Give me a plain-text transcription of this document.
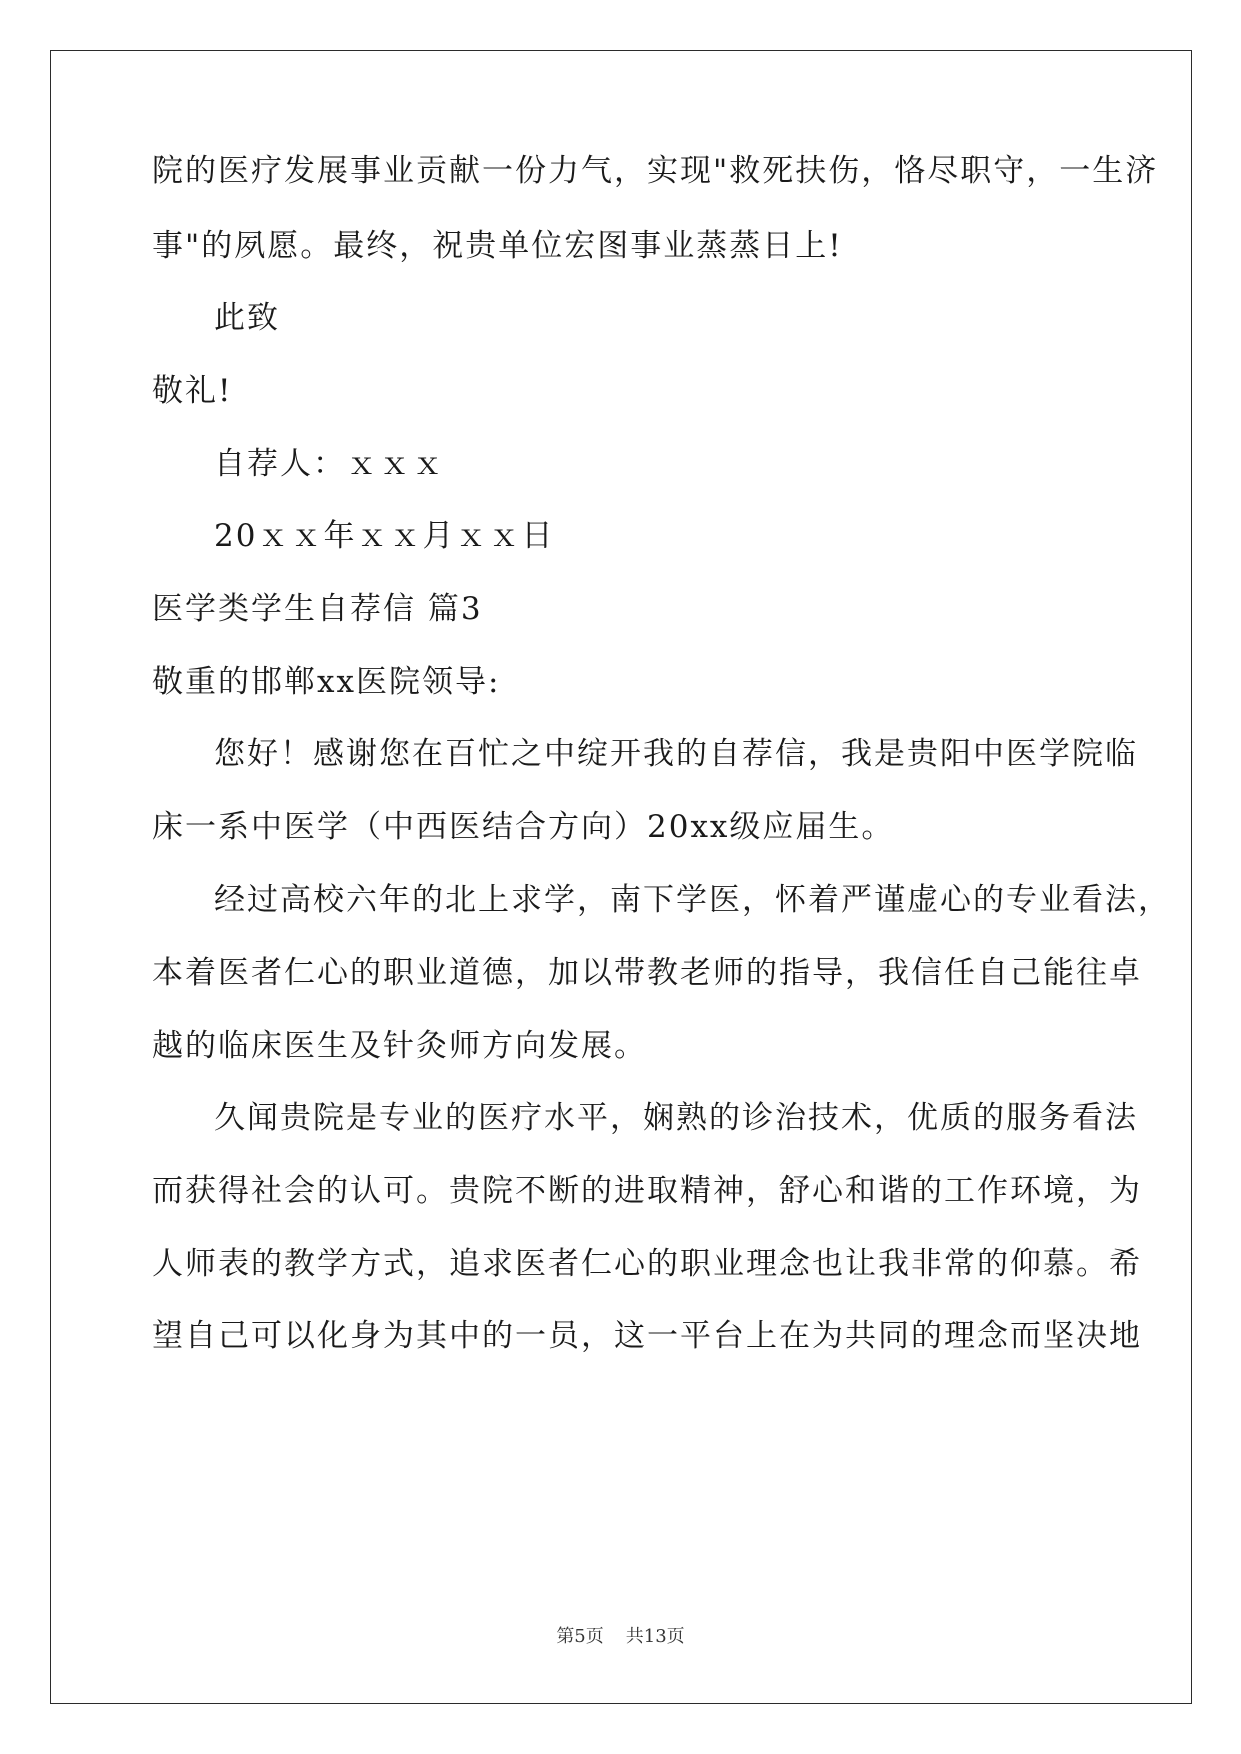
院的医疗发展事业贡献一份力气，实现"救死扶伤，恪尽职守，一生济
事"的夙愿。最终，祝贵单位宏图事业蒸蒸日上!
此致
敬礼!
自荐人：ｘｘｘ
20ｘｘ年ｘｘ月ｘｘ日
医学类学生自荐信 篇3
敬重的邯郸xx医院领导:
您好！感谢您在百忙之中绽开我的自荐信，我是贵阳中医学院临
床一系中医学（中西医结合方向）20xx级应届生。
经过高校六年的北上求学，南下学医，怀着严谨虚心的专业看法，
本着医者仁心的职业道德，加以带教老师的指导，我信任自己能往卓
越的临床医生及针灸师方向发展。
久闻贵院是专业的医疗水平，娴熟的诊治技术，优质的服务看法
而获得社会的认可。贵院不断的进取精神，舒心和谐的工作环境，为
人师表的教学方式，追求医者仁心的职业理念也让我非常的仰慕。希
望自己可以化身为其中的一员，这一平台上在为共同的理念而坚决地
第5页 共13页
